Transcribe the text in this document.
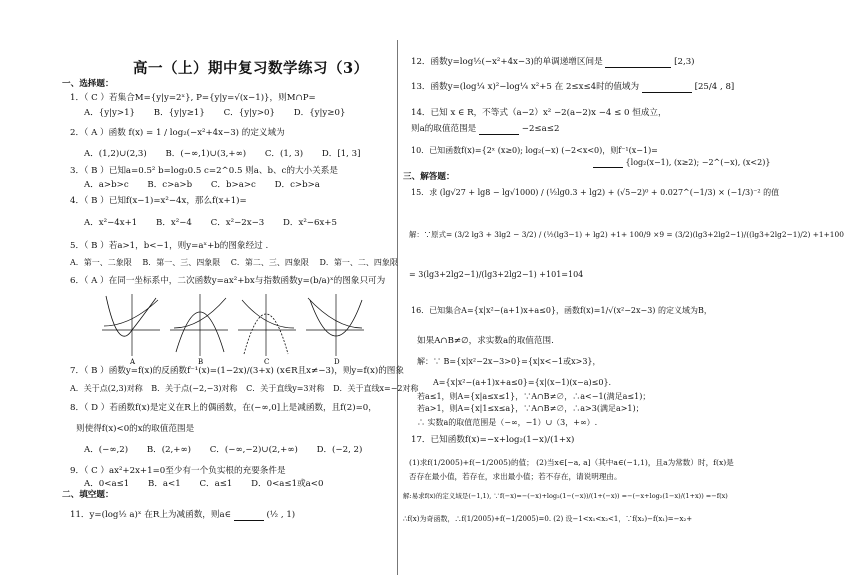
高一（上）期中复习数学练习（3）
一、选择题：
1．（ C ）若集合M={y|y=2ˣ}, P={y|y=√(x−1)}，则M∩P=
A．{y|y>1} B．{y|y≥1} C．{y|y>0} D．{y|y≥0}
2．（ A ）函数 f(x) = 1 / log₂(−x²+4x−3) 的定义域为
A．(1,2)∪(2,3) B．(−∞,1)∪(3,+∞) C．(1, 3) D．[1, 3]
3．（ B ）已知a=0.5² b=log₂0.5 c=2^0.5 则a、b、c的大小关系是
A．a>b>c B．c>a>b C．b>a>c D．c>b>a
4．（ B ）已知f(x−1)=x²−4x，那么f(x+1)=
A．x²−4x+1 B．x²−4 C．x²−2x−3 D．x²−6x+5
5．（ B ）若a>1，b<−1，则y=aˣ+b的图象经过 .
A．第一、二象限 B．第一、三、四象限 C．第二、三、四象限 D．第一、二、四象限
6．（ A ）在同一坐标系中，二次函数y=ax²+bx与指数函数y=(b/a)ˣ的图象只可为
7．（ B ）函数y=f(x)的反函数f⁻¹(x)=(1−2x)/(3+x) (x∈R且x≠−3)，则y=f(x)的图象
A．关于点(2,3)对称 B．关于点(−2,−3)对称 C．关于直线y=3对称 D．关于直线x=−2对称
8．（ D ）若函数f(x)是定义在R上的偶函数，在(−∞,0]上是减函数，且f(2)=0，
则使得f(x)<0的x的取值范围是
A．(−∞,2) B．(2,+∞) C．(−∞,−2)∪(2,+∞) D．(−2, 2)
9．（ C ）ax²+2x+1=0至少有一个负实根的充要条件是
A．0<a≤1 B．a<1 C．a≤1 D．0<a≤1或a<0
二、填空题：
11．y=(log½ a)ˣ 在R上为减函数，则a∈	(½ , 1)
A	B	C	D
12．函数y=log½(−x²+4x−3)的单调递增区间是	[2,3)
13．函数y=(log¼ x)²−log¼ x²+5 在 2≤x≤4时的值域为	[25/4 , 8]
14．已知 x ∈ R，不等式（a−2）x² −2(a−2)x −4 ≤ 0 恒成立，
则a的取值范围是	−2≤a≤2
10．已知函数f(x)={2ˣ (x≥0); log₂(−x) (−2<x<0)，则f⁻¹(x−1)=
{log₂(x−1), (x≥2); −2^(−x), (x<2)}
三、解答题：
15．求 (lg√27 + lg8 − lg√1000) / (½lg0.3 + lg2) + (√5−2)⁰ + 0.027^(−1/3) × (−1/3)⁻² 的值
解：∵原式= (3/2 lg3 + 3lg2 − 3/2) / (½(lg3−1) + lg2) +1+ 100/9 ×9 = (3/2)(lg3+2lg2−1)/((lg3+2lg2−1)/2) +1+100
= 3(lg3+2lg2−1)/(lg3+2lg2−1) +101=104
16．已知集合A={x|x²−(a+1)x+a≤0}，函数f(x)=1/√(x²−2x−3) 的定义域为B，
如果A∩B≠∅，求实数a的取值范围.
解：∵ B={x|x²−2x−3>0}={x|x<−1或x>3}，
A={x|x²−(a+1)x+a≤0}={x|(x−1)(x−a)≤0}.
若a≤1，则A={x|a≤x≤1}，∵A∩B≠∅，∴a<−1(满足a≤1)；
若a>1，则A={x|1≤x≤a}，∵A∩B≠∅，∴a>3(满足a>1)；
∴ 实数a的取值范围是（−∞，−1）∪（3，+∞）.
17．已知函数f(x)=−x+log₂(1−x)/(1+x)
(1)求f(1/2005)+f(−1/2005)的值； (2)当x∈[−a, a]（其中a∈(−1,1)，且a为常数）时，f(x)是
否存在最小值，若存在，求出最小值；若不存在，请说明理由。
解:易求f(x)的定义域是(−1,1), ∵f(−x)=−(−x)+log₂(1−(−x))/(1+(−x)) =−(−x+log₂(1−x)/(1+x)) =−f(x)
∴f(x)为奇函数，∴f(1/2005)+f(−1/2005)=0. (2) 设−1<x₁<x₂<1，∵f(x₂)−f(x₁)=−x₂+
